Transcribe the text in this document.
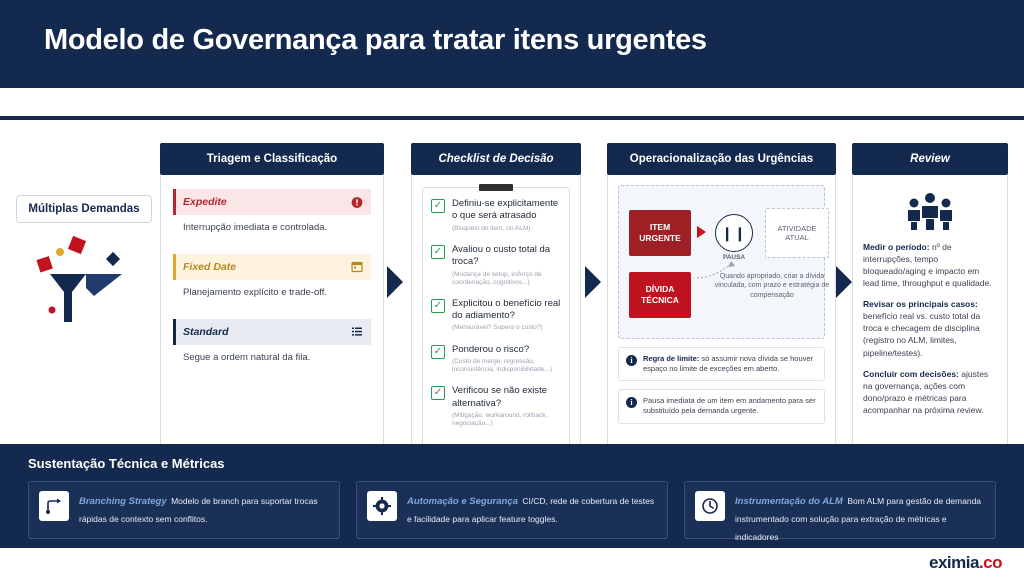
Modelo de Governança para tratar itens urgentes
Múltiplas Demandas
Triagem e Classificação
Expedite
Interrupção imediata e controlada.
Fixed Date
Planejamento explícito e trade-off.
Standard
Segue a ordem natural da fila.
Checklist de Decisão
✓ Definiu-se explicitamente o que será atrasado
(Bloqueio do item, no ALM)
✓ Avaliou o custo total da troca?
(Mudança de setup, esforço de coordenação, cognitivos...)
✓ Explicitou o benefício real do adiamento?
(Mensurável? Supera o custo?)
✓ Ponderou o risco?
(Custo de merge, regressão, inconsistência, indisponibilidade...)
✓ Verificou se não existe alternativa?
(Mitigação, workaround, rollback, negociação...)
Operacionalização das Urgências
ITEM URGENTE
DÍVIDA TÉCNICA
❙❙
PAUSA
ATIVIDADE ATUAL
Quando apropriado, criar a dívida vinculada, com prazo e estratégia de compensação
i	Regra de limite: só assumir nova dívida se houver espaço no limite de exceções em aberto.
i	Pausa imediata de um item em andamento para ser substituído pela demanda urgente.
Review
Medir o período: nº de interrupções, tempo bloqueado/aging e impacto em lead time, throughput e qualidade.
Revisar os principais casos: benefício real vs. custo total da troca e checagem de disciplina (registro no ALM, limites, pipeline/testes).
Concluir com decisões: ajustes na governança, ações com dono/prazo e métricas para acompanhar na próxima review.
Sustentação Técnica e Métricas
Branching Strategy Modelo de branch para suportar trocas rápidas de contexto sem conflitos.
Automação e Segurança CI/CD, rede de cobertura de testes e facilidade para aplicar feature toggles.
Instrumentação do ALM Bom ALM para gestão de demanda instrumentado com solução para extração de métricas e indicadores
eximia.co
